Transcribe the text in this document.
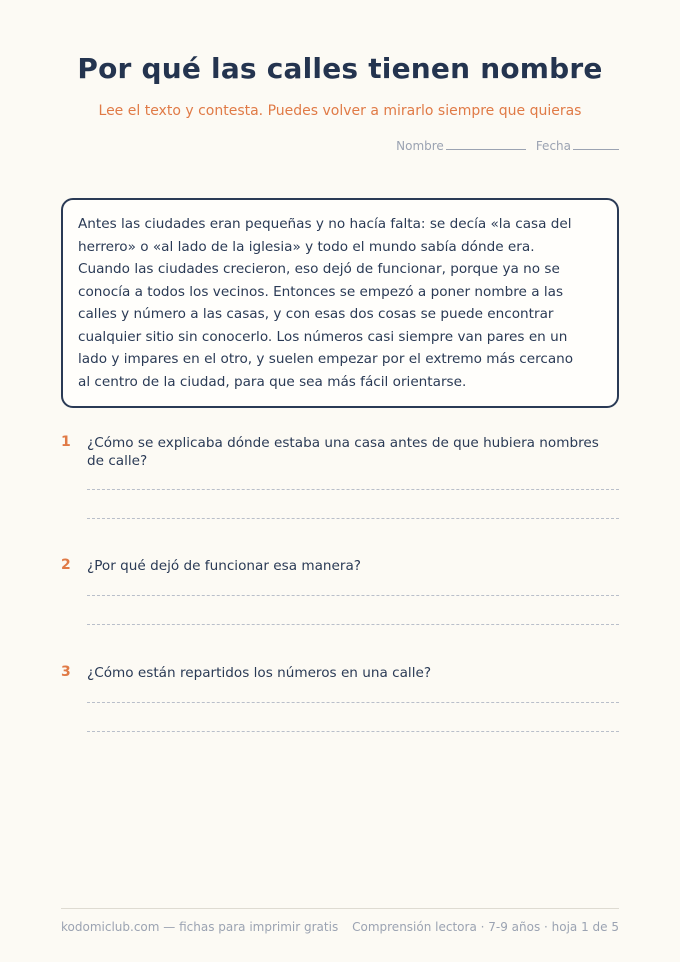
Por qué las calles tienen nombre
Lee el texto y contesta. Puedes volver a mirarlo siempre que quieras
Nombre	Fecha
Antes las ciudades eran pequeñas y no hacía falta: se decía «la casa del
herrero» o «al lado de la iglesia» y todo el mundo sabía dónde era.
Cuando las ciudades crecieron, eso dejó de funcionar, porque ya no se
conocía a todos los vecinos. Entonces se empezó a poner nombre a las
calles y número a las casas, y con esas dos cosas se puede encontrar
cualquier sitio sin conocerlo. Los números casi siempre van pares en un
lado y impares en el otro, y suelen empezar por el extremo más cercano
al centro de la ciudad, para que sea más fácil orientarse.
1 ¿Cómo se explicaba dónde estaba una casa antes de que hubiera nombres de calle?
2 ¿Por qué dejó de funcionar esa manera?
3 ¿Cómo están repartidos los números en una calle?
kodomiclub.com — fichas para imprimir gratis Comprensión lectora · 7-9 años · hoja 1 de 5
